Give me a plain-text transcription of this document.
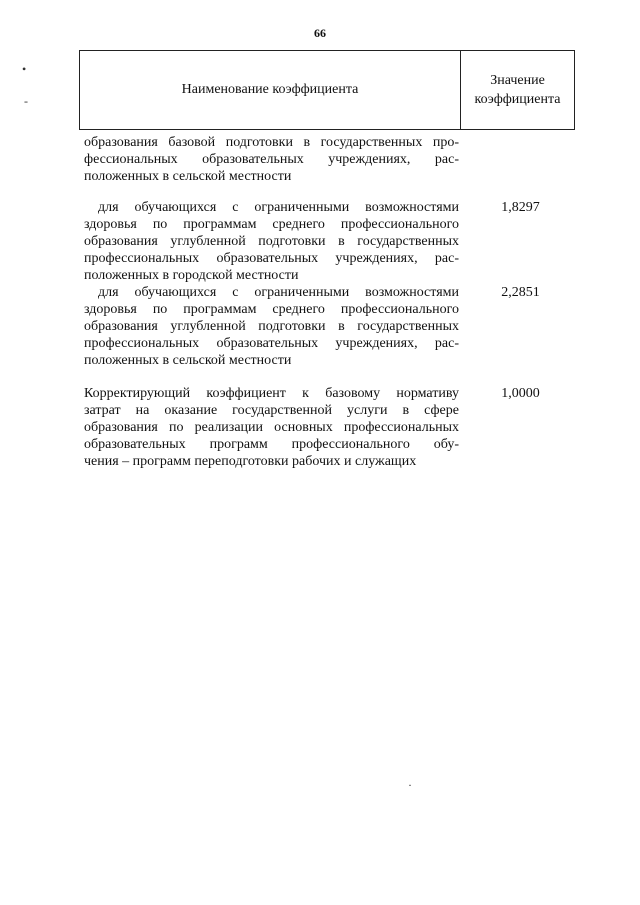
66
•
-
Наименование коэффициента
Значение
коэффициента
образования базовой подготовки в государственных про-
фессиональных образовательных учреждениях, рас-
положенных в сельской местности
для обучающихся с ограниченными возможностями
здоровья по программам среднего профессионального
образования углубленной подготовки в государственных
профессиональных образовательных учреждениях, рас-
положенных в городской местности
1,8297
для обучающихся с ограниченными возможностями
здоровья по программам среднего профессионального
образования углубленной подготовки в государственных
профессиональных образовательных учреждениях, рас-
положенных в сельской местности
2,2851
Корректирующий коэффициент к базовому нормативу
затрат на оказание государственной услуги в сфере
образования по реализации основных профессиональных
образовательных программ профессионального обу-
чения – программ переподготовки рабочих и служащих
1,0000
·
